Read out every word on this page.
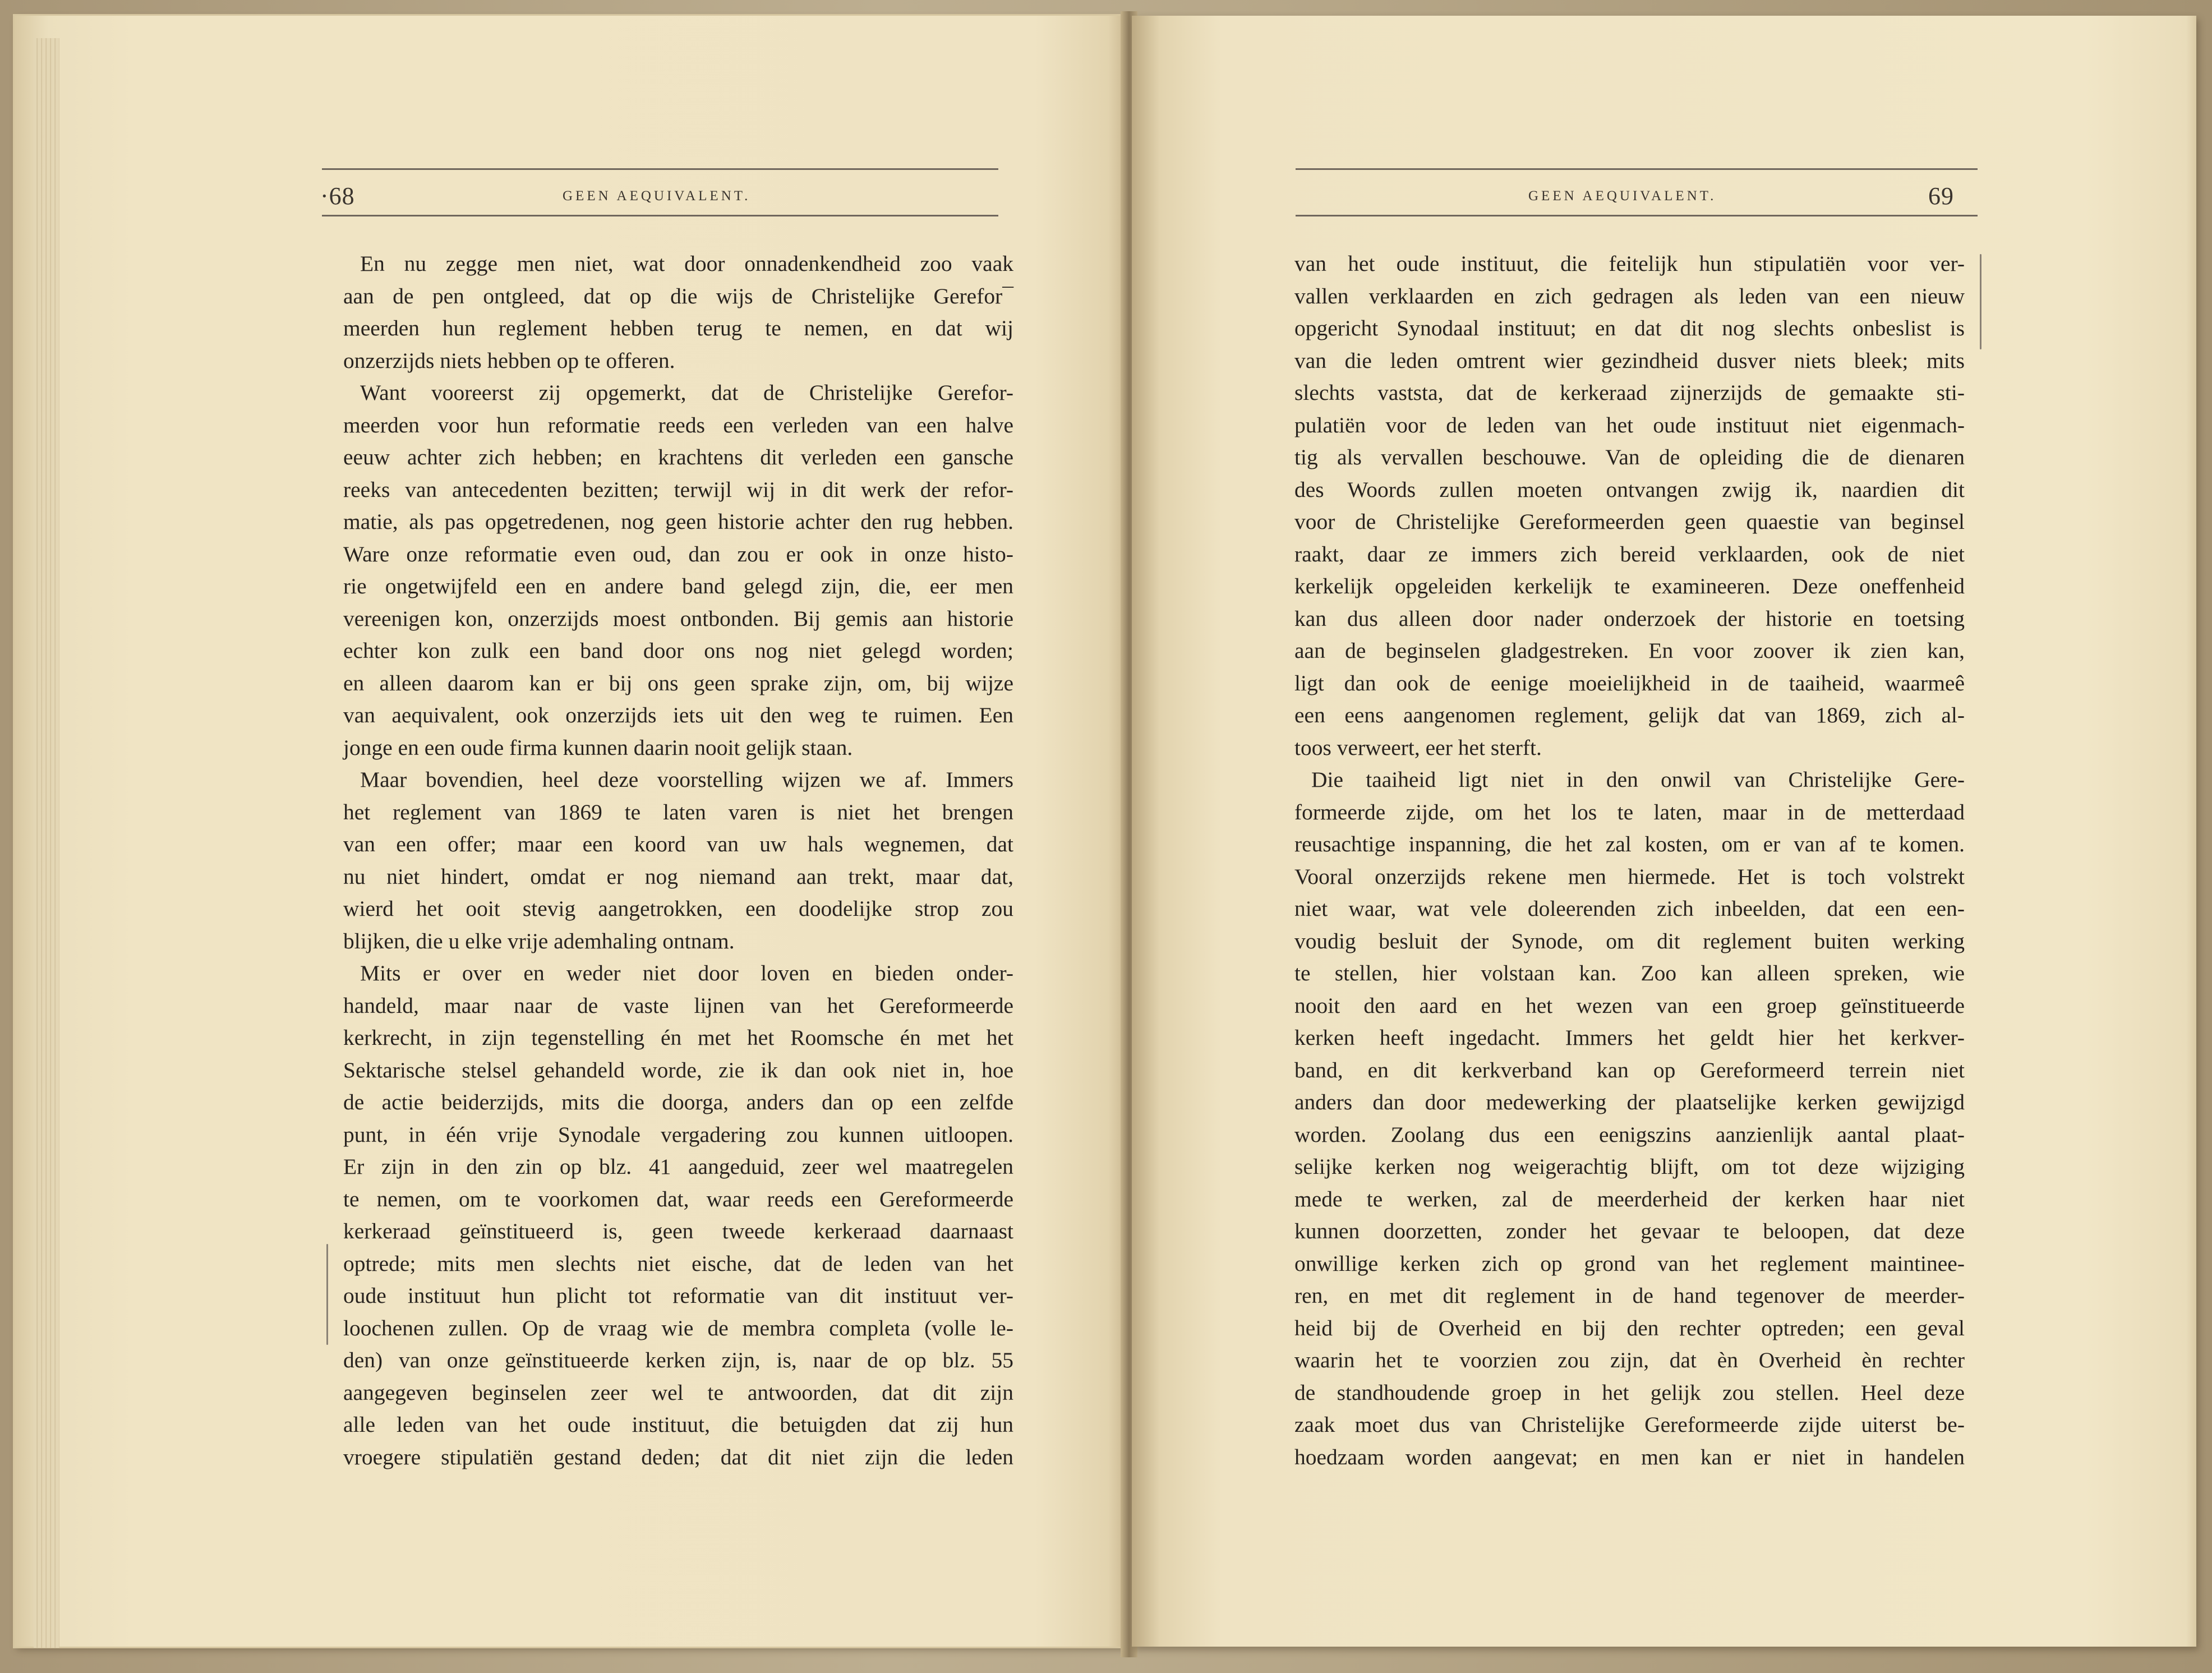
·68	GEEN AEQUIVALENT.
En nu zegge men niet, wat door onnadenkendheid zoo vaak
aan de pen ontgleed, dat op die wijs de Christelijke Gerefor¯
meerden hun reglement hebben terug te nemen, en dat wij
onzerzijds niets hebben op te offeren.
Want vooreerst zij opgemerkt, dat de Christelijke Gerefor-
meerden voor hun reformatie reeds een verleden van een halve
eeuw achter zich hebben; en krachtens dit verleden een gansche
reeks van antecedenten bezitten; terwijl wij in dit werk der refor-
matie, als pas opgetredenen, nog geen historie achter den rug hebben.
Ware onze reformatie even oud, dan zou er ook in onze histo-
rie ongetwijfeld een en andere band gelegd zijn, die, eer men
vereenigen kon, onzerzijds moest ontbonden. Bij gemis aan historie
echter kon zulk een band door ons nog niet gelegd worden;
en alleen daarom kan er bij ons geen sprake zijn, om, bij wijze
van aequivalent, ook onzerzijds iets uit den weg te ruimen. Een
jonge en een oude firma kunnen daarin nooit gelijk staan.
Maar bovendien, heel deze voorstelling wijzen we af. Immers
het reglement van 1869 te laten varen is niet het brengen
van een offer; maar een koord van uw hals wegnemen, dat
nu niet hindert, omdat er nog niemand aan trekt, maar dat,
wierd het ooit stevig aangetrokken, een doodelijke strop zou
blijken, die u elke vrije ademhaling ontnam.
Mits er over en weder niet door loven en bieden onder-
handeld, maar naar de vaste lijnen van het Gereformeerde
kerkrecht, in zijn tegenstelling én met het Roomsche én met het
Sektarische stelsel gehandeld worde, zie ik dan ook niet in, hoe
de actie beiderzijds, mits die doorga, anders dan op een zelfde
punt, in één vrije Synodale vergadering zou kunnen uitloopen.
Er zijn in den zin op blz. 41 aangeduid, zeer wel maatregelen
te nemen, om te voorkomen dat, waar reeds een Gereformeerde
kerkeraad geïnstitueerd is, geen tweede kerkeraad daarnaast
optrede; mits men slechts niet eische, dat de leden van het
oude instituut hun plicht tot reformatie van dit instituut ver-
loochenen zullen. Op de vraag wie de membra completa (volle le-
den) van onze geïnstitueerde kerken zijn, is, naar de op blz. 55
aangegeven beginselen zeer wel te antwoorden, dat dit zijn
alle leden van het oude instituut, die betuigden dat zij hun
vroegere stipulatiën gestand deden; dat dit niet zijn die leden
GEEN AEQUIVALENT.	69
van het oude instituut, die feitelijk hun stipulatiën voor ver-
vallen verklaarden en zich gedragen als leden van een nieuw
opgericht Synodaal instituut; en dat dit nog slechts onbeslist is
van die leden omtrent wier gezindheid dusver niets bleek; mits
slechts vaststa, dat de kerkeraad zijnerzijds de gemaakte sti-
pulatiën voor de leden van het oude instituut niet eigenmach-
tig als vervallen beschouwe. Van de opleiding die de dienaren
des Woords zullen moeten ontvangen zwijg ik, naardien dit
voor de Christelijke Gereformeerden geen quaestie van beginsel
raakt, daar ze immers zich bereid verklaarden, ook de niet
kerkelijk opgeleiden kerkelijk te examineeren. Deze oneffenheid
kan dus alleen door nader onderzoek der historie en toetsing
aan de beginselen gladgestreken. En voor zoover ik zien kan,
ligt dan ook de eenige moeielijkheid in de taaiheid, waarmeê
een eens aangenomen reglement, gelijk dat van 1869, zich al-
toos verweert, eer het sterft.
Die taaiheid ligt niet in den onwil van Christelijke Gere-
formeerde zijde, om het los te laten, maar in de metterdaad
reusachtige inspanning, die het zal kosten, om er van af te komen.
Vooral onzerzijds rekene men hiermede. Het is toch volstrekt
niet waar, wat vele doleerenden zich inbeelden, dat een een-
voudig besluit der Synode, om dit reglement buiten werking
te stellen, hier volstaan kan. Zoo kan alleen spreken, wie
nooit den aard en het wezen van een groep geïnstitueerde
kerken heeft ingedacht. Immers het geldt hier het kerkver-
band, en dit kerkverband kan op Gereformeerd terrein niet
anders dan door medewerking der plaatselijke kerken gewijzigd
worden. Zoolang dus een eenigszins aanzienlijk aantal plaat-
selijke kerken nog weigerachtig blijft, om tot deze wijziging
mede te werken, zal de meerderheid der kerken haar niet
kunnen doorzetten, zonder het gevaar te beloopen, dat deze
onwillige kerken zich op grond van het reglement maintinee-
ren, en met dit reglement in de hand tegenover de meerder-
heid bij de Overheid en bij den rechter optreden; een geval
waarin het te voorzien zou zijn, dat èn Overheid èn rechter
de standhoudende groep in het gelijk zou stellen. Heel deze
zaak moet dus van Christelijke Gereformeerde zijde uiterst be-
hoedzaam worden aangevat; en men kan er niet in handelen
